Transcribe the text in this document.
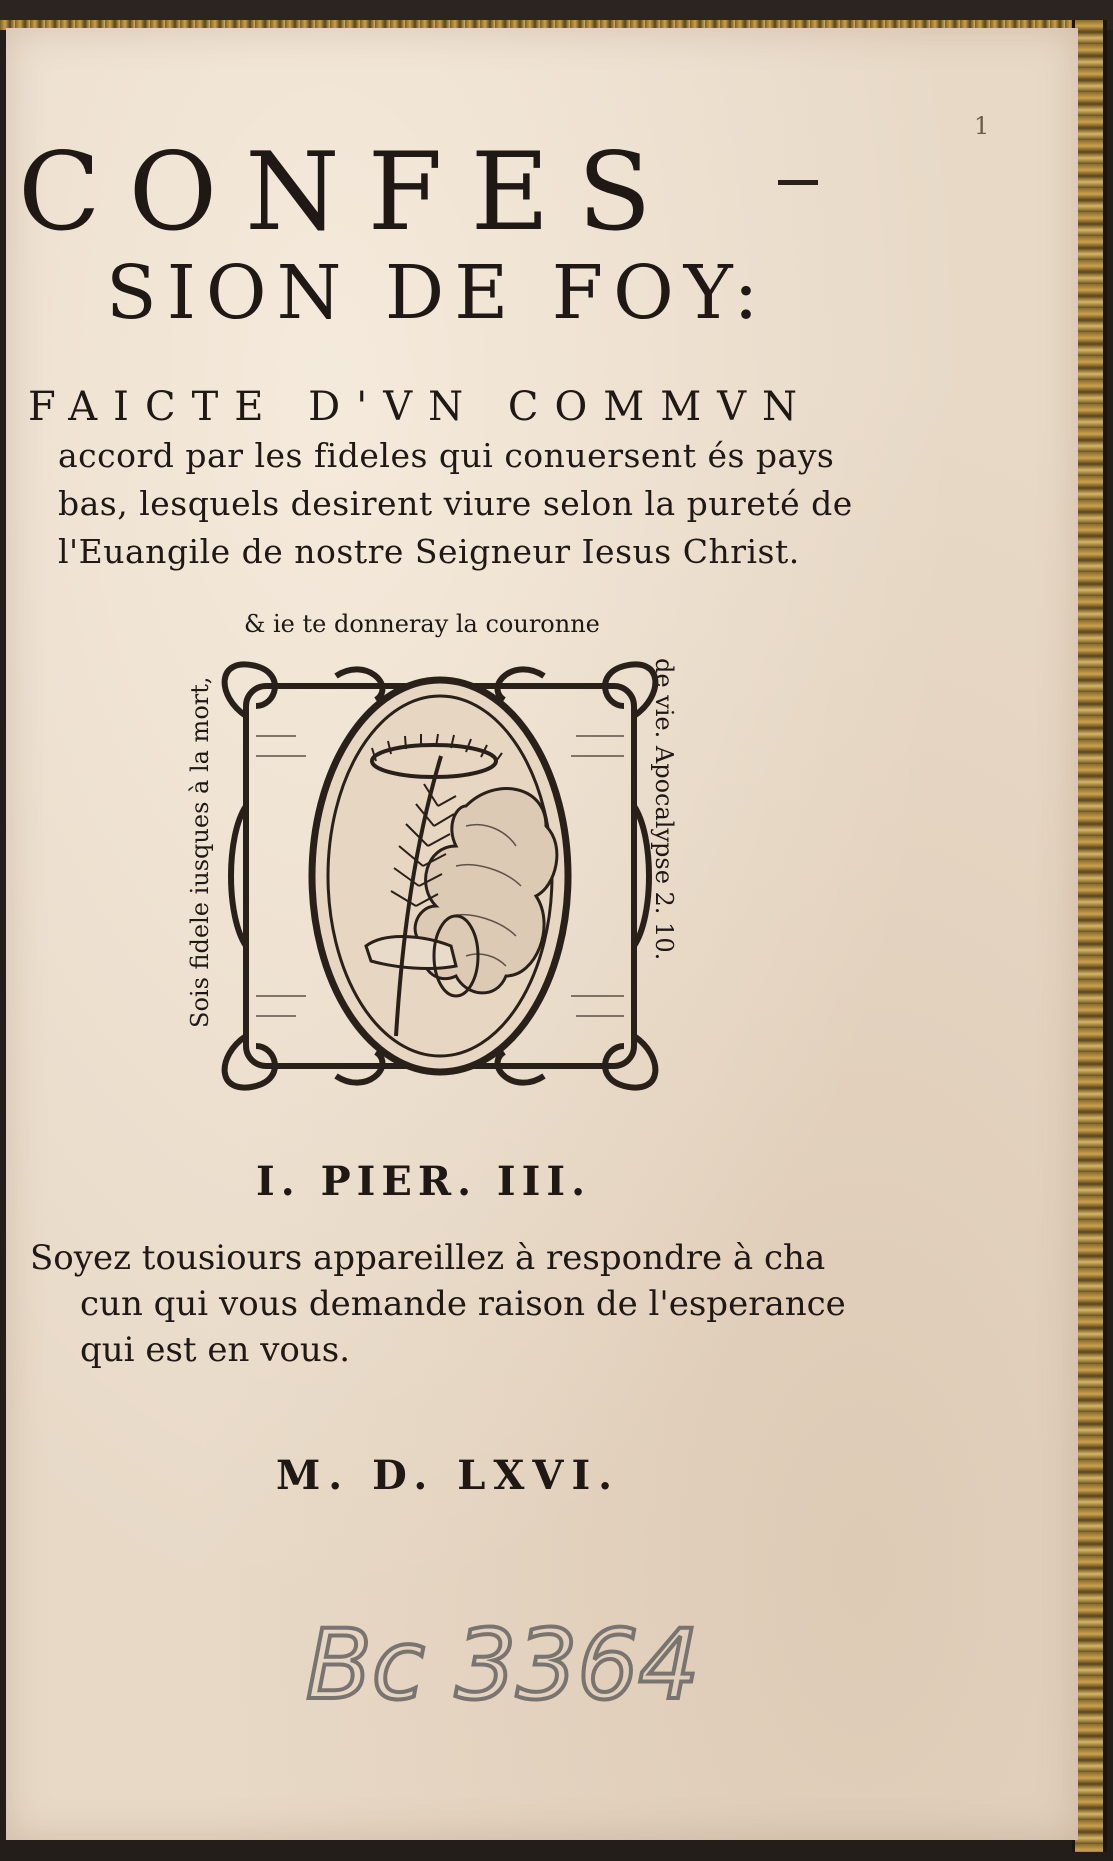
1
CONFES
SION DE FOY:
FAICTE D'VN COMMVN
accord par les fideles qui conuersent és pays
bas, lesquels desirent viure selon la pureté de
l'Euangile de nostre Seigneur Iesus Christ.
& ie te donneray la couronne
Sois fidele iusques à la mort,	de vie. Apocalypse 2. 10.
I. PIER. III.
Soyez tousiours appareillez à respondre à cha
cun qui vous demande raison de l'esperance
qui est en vous.
M. D. LXVI.
Bc 3364
